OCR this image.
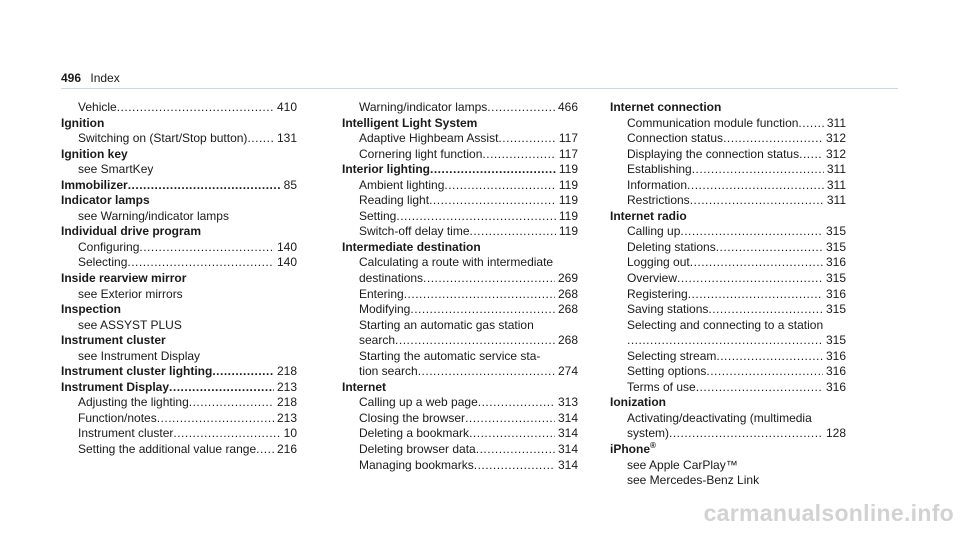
496 Index
Vehicle	410
.....
Ignition
Switching on (Start/Stop button) 131
.....
Ignition key
see SmartKey
Immobilizer	85
.....
Indicator lamps
see Warning/indicator lamps
Individual drive program
Configuring	140
.....
Selecting	140
.....
Inside rearview mirror
see Exterior mirrors
Inspection
see ASSYST PLUS
Instrument cluster
see Instrument Display
Instrument cluster lighting	218
.....
Instrument Display	213
.....
Adjusting the lighting	218
.....
Function/notes	213
.....
Instrument cluster	10
.....
Setting the additional value range 216
.....
Warning/indicator lamps	466
.....
Intelligent Light System
Adaptive Highbeam Assist	117
.....
Cornering light function	117
.....
Interior lighting	119
.....
Ambient lighting	119
.....
Reading light	119
.....
Setting	119
.....
Switch-off delay time	119
.....
Intermediate destination
Calculating a route with intermediate
destinations	269
.....
Entering	268
.....
Modifying	268
.....
Starting an automatic gas station
search	268
.....
Starting the automatic service sta-
tion search	274
.....
Internet
Calling up a web page	313
.....
Closing the browser	314
.....
Deleting a bookmark	314
.....
Deleting browser data	314
.....
Managing bookmarks	314
.....
Internet connection
Communication module function 311
.....
Connection status	312
.....
Displaying the connection status 312
.....
Establishing	311
.....
Information	311
.....
Restrictions	311
.....
Internet radio
Calling up	315
.....
Deleting stations	315
.....
Logging out	316
.....
Overview	315
.....
Registering	316
.....
Saving stations	315
.....
Selecting and connecting to a station
315
.....
Selecting stream	316
.....
Setting options	316
.....
Terms of use	316
.....
Ionization
Activating/deactivating (multimedia
system)	128
.....
iPhone®
see Apple CarPlay™
see Mercedes-Benz Link
carmanualsonline.info
